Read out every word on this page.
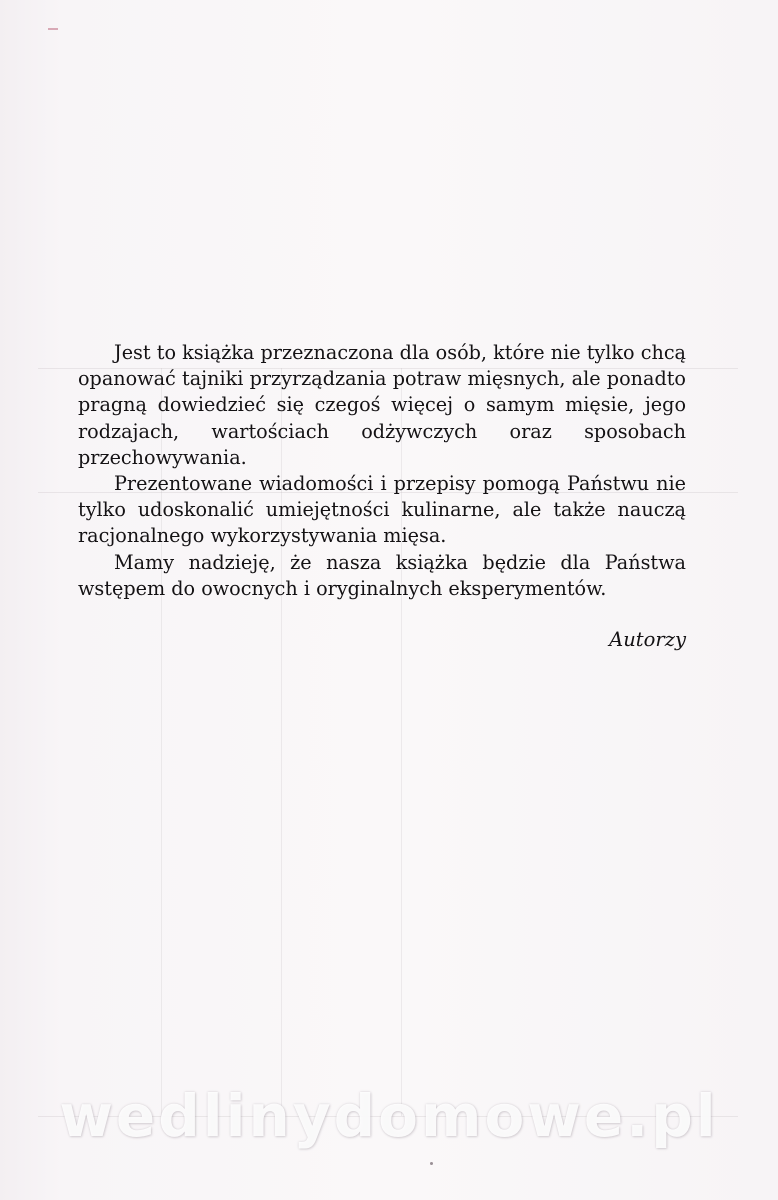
Jest to książka przeznaczona dla osób, które nie tylko chcą opanować tajniki przyrządzania potraw mięsnych, ale ponadto pragną dowiedzieć się czegoś więcej o samym mięsie, jego rodzajach, wartościach odżywczych oraz sposobach przechowywania.

Prezentowane wiadomości i przepisy pomogą Państwu nie tylko udoskonalić umiejętności kulinarne, ale także nauczą racjonalnego wykorzystywania mięsa.

Mamy nadzieję, że nasza książka będzie dla Państwa wstępem do owocnych i oryginalnych eksperymentów.

Autorzy
wedlinydomowe.pl
